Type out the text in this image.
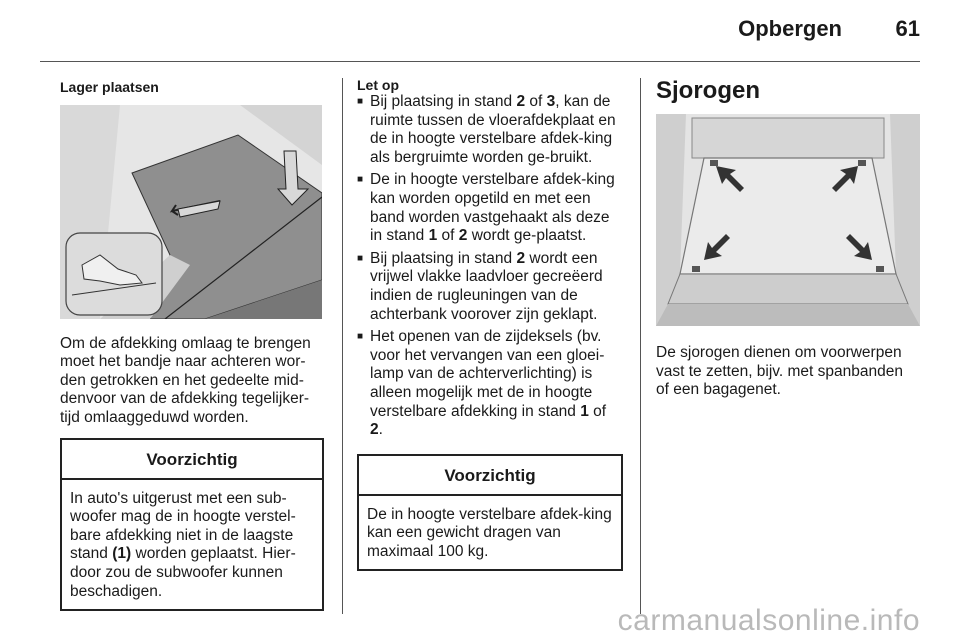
Opbergen 61
Lager plaatsen

Om de afdekking omlaag te brengen moet het bandje naar achteren wor-den getrokken en het gedeelte mid-denvoor van de afdekking tegelijker-tijd omlaaggeduwd worden.

Voorzichtig
In auto's uitgerust met een sub-woofer mag de in hoogte verstel-bare afdekking niet in de laagste stand (1) worden geplaatst. Hier-door zou de subwoofer kunnen beschadigen.
Let op
■ Bij plaatsing in stand 2 of 3, kan de ruimte tussen de vloerafdekplaat en de in hoogte verstelbare afdek-king als bergruimte worden ge-bruikt.
■ De in hoogte verstelbare afdek-king kan worden opgetild en met een band worden vastgehaakt als deze in stand 1 of 2 wordt ge-plaatst.
■ Bij plaatsing in stand 2 wordt een vrijwel vlakke laadvloer gecreëerd indien de rugleuningen van de achterbank voorover zijn geklapt.
■ Het openen van de zijdeksels (bv. voor het vervangen van een gloei-lamp van de achterverlichting) is alleen mogelijk met de in hoogte verstelbare afdekking in stand 1 of 2.
Voorzichtig
De in hoogte verstelbare afdek-king kan een gewicht dragen van maximaal 100 kg.
Sjorogen

De sjorogen dienen om voorwerpen vast te zetten, bijv. met spanbanden of een bagagenet.

carmanualsonline.info
